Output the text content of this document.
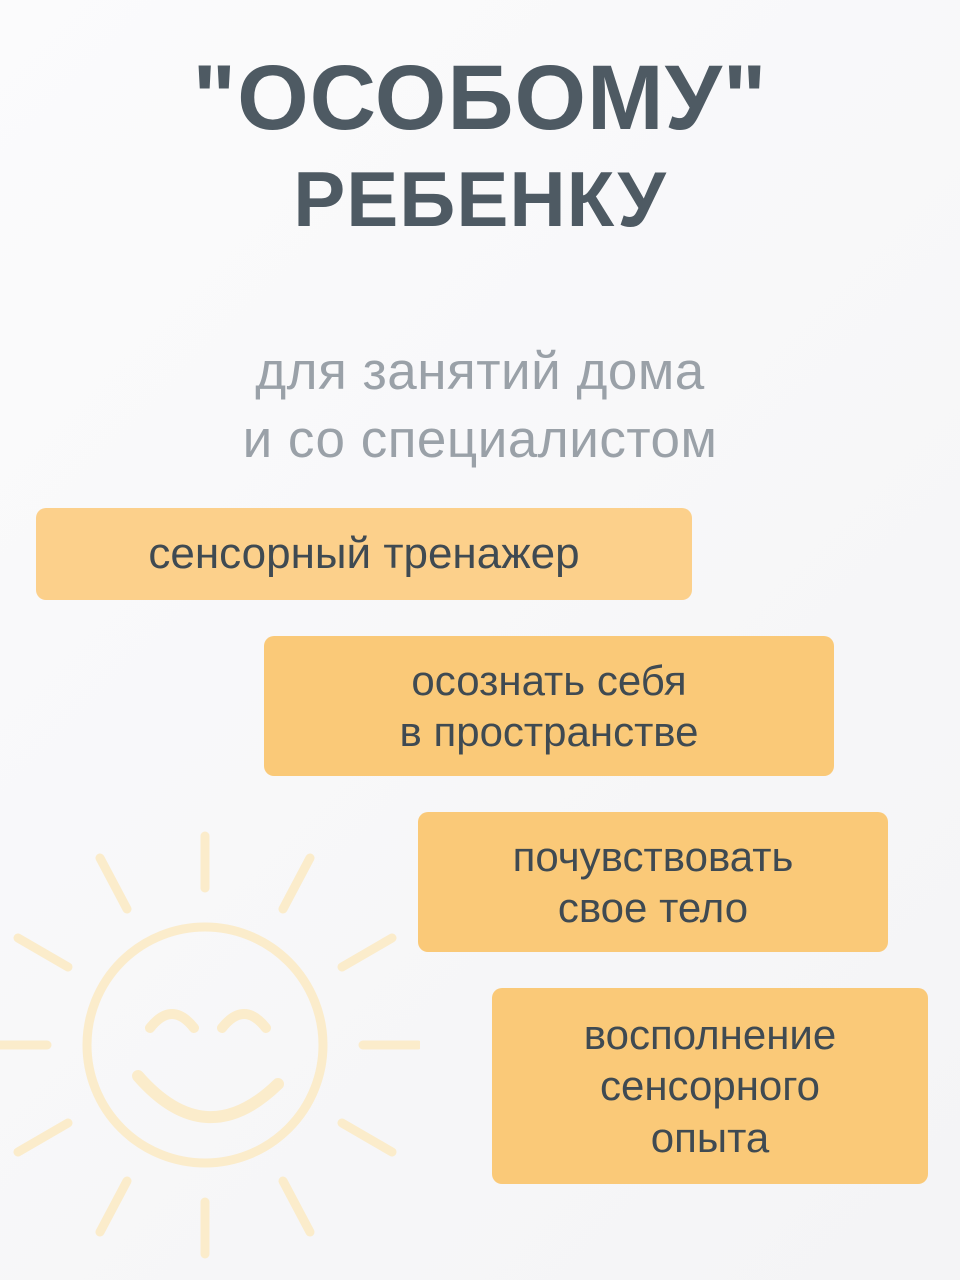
"ОСОБОМУ"
РЕБЕНКУ
для занятий дома
и со специалистом
сенсорный тренажер
осознать себя
в пространстве
почувствовать
свое тело
восполнение
сенсорного
опыта
